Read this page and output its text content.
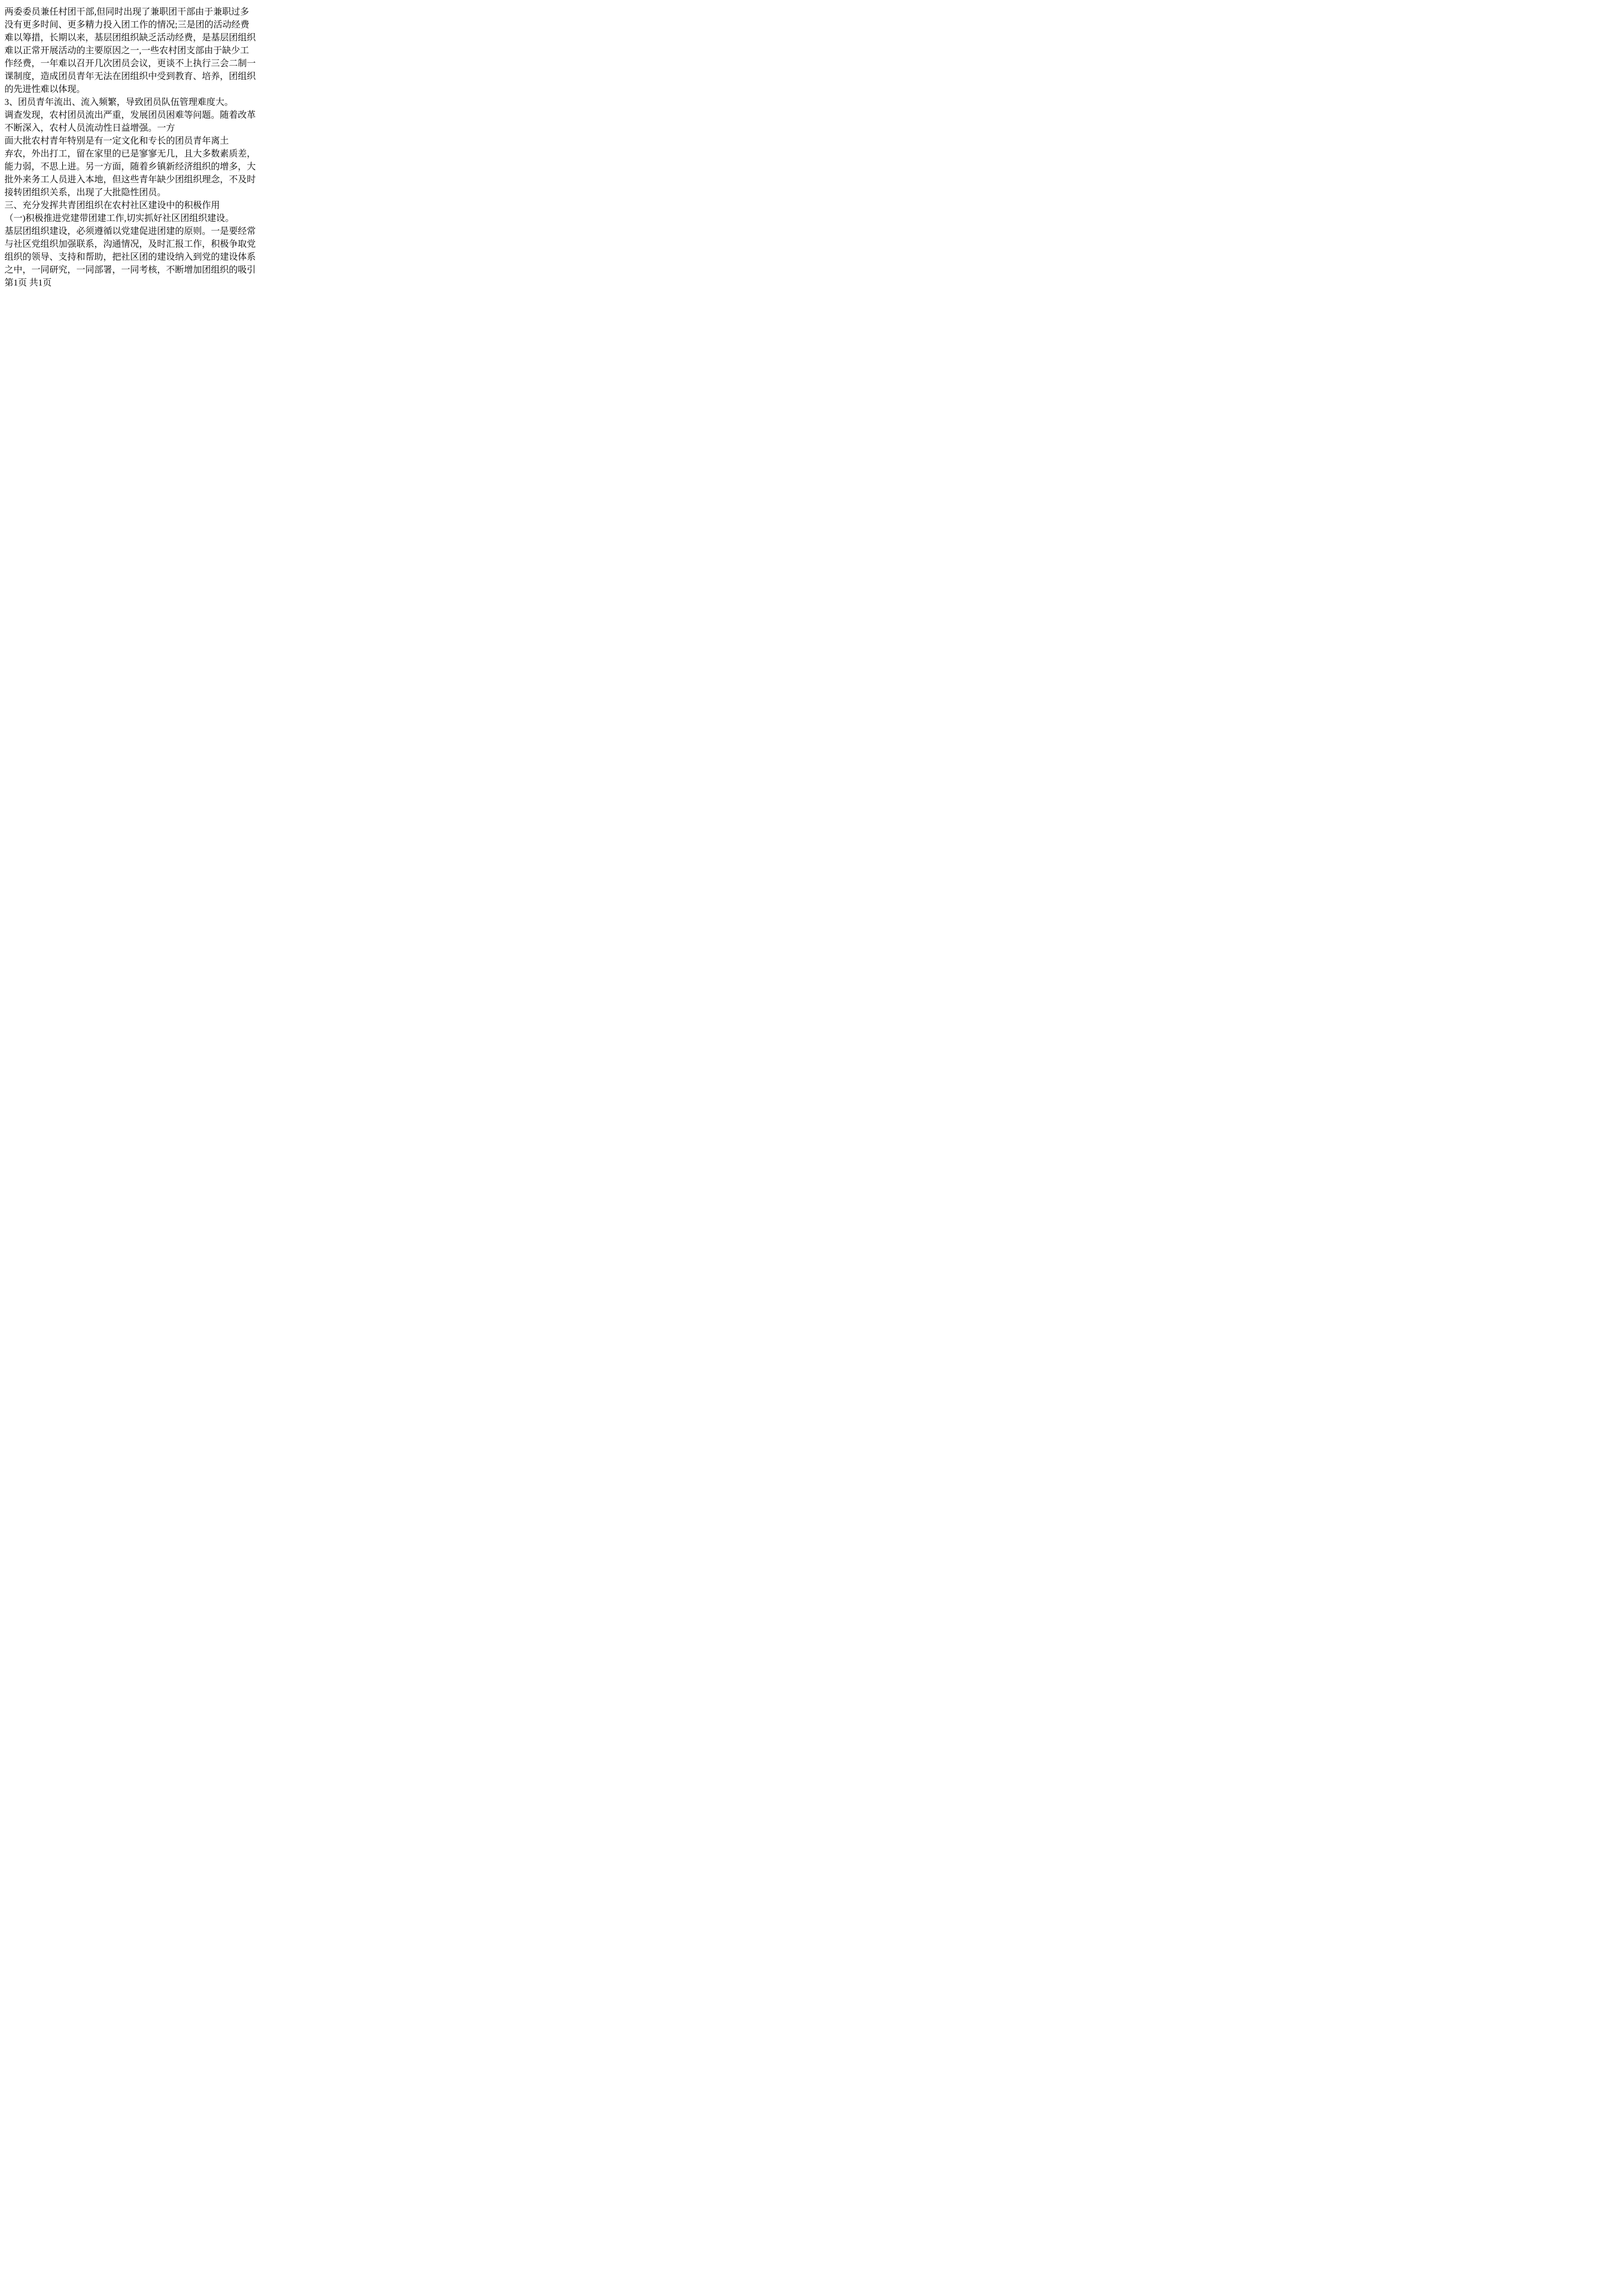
两委委员兼任村团干部,但同时出现了兼职团干部由于兼职过多
没有更多时间、更多精力投入团工作的情况;三是团的活动经费
难以筹措，长期以来，基层团组织缺乏活动经费，是基层团组织
难以正常开展活动的主要原因之一,一些农村团支部由于缺少工
作经费，一年难以召开几次团员会议，更谈不上执行三会二制一
课制度，造成团员青年无法在团组织中受到教育、培养，团组织
的先进性难以体现。
3、团员青年流出、流入频繁，导致团员队伍管理难度大。
调查发现，农村团员流出严重，发展团员困难等问题。随着改革
不断深入，农村人员流动性日益增强。一方
面大批农村青年特别是有一定文化和专长的团员青年离土
弃农，外出打工，留在家里的已是寥寥无几，且大多数素质差，
能力弱，不思上进。另一方面，随着乡镇新经济组织的增多，大
批外来务工人员进入本地，但这些青年缺少团组织理念，不及时
接转团组织关系，出现了大批隐性团员。
三、充分发挥共青团组织在农村社区建设中的积极作用
（一)积极推进党建带团建工作,切实抓好社区团组织建设。
基层团组织建设，必须遵循以党建促进团建的原则。一是要经常
与社区党组织加强联系，沟通情况，及时汇报工作，积极争取党
组织的领导、支持和帮助，把社区团的建设纳入到党的建设体系
之中，一同研究，一同部署，一同考核，不断增加团组织的吸引
第1页 共1页
